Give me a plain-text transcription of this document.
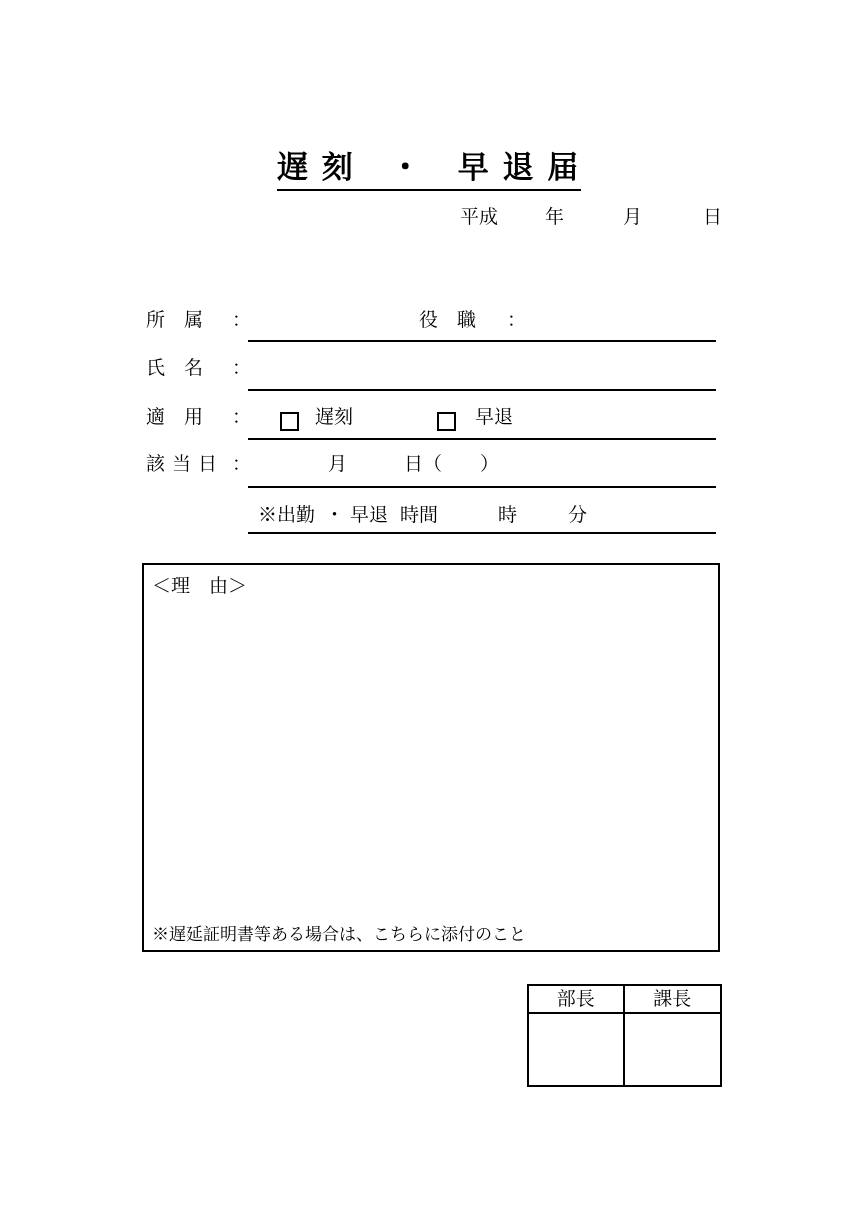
遅 刻　・　早 退 届
平成 年	月	日
所　属 ：	役　職 ：
氏　名 ：
適　用 ：	遅刻	早退
該当日 ：	月　　　日（　　）
※出勤 ・ 早退 時間	時	分
＜理　由＞
※遅延証明書等ある場合は、こちらに添付のこと
部長	課長
